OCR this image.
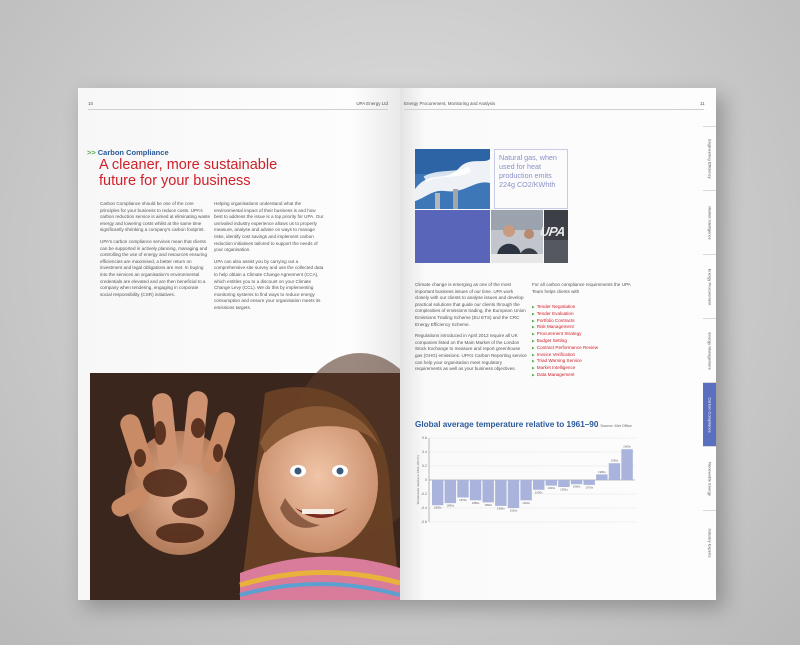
10	UPA Energy Ltd
>> Carbon Compliance
A cleaner, more sustainable future for your business

Carbon Compliance should be one of the core principles for your business to reduce costs. UPA’s carbon reduction service is aimed at eliminating waste energy and lowering costs whilst at the same time significantly shrinking a company’s carbon footprint.

UPA’s carbon compliance services mean that clients can be supported in actively planning, managing and controlling the use of energy and resources ensuring efficiencies are maximised, a better return on investment and legal obligations are met. In buying into the services an organisation’s environmental credentials are elevated and are then beneficial to a company when tendering, engaging in corporate social responsibility (CSR) initiatives.

Helping organisations understand what the environmental impact of their business is and how best to address the issue is a top priority for UPA. Our unrivaled industry experience allows us to properly measure, analyse and advise on ways to manage risks, identify cost savings and implement carbon reduction initiatives tailored to support the needs of your organisation.

UPA can also assist you by carrying out a comprehensive site survey and use the collected data to help obtain a Climate Change Agreement (CCA), which entitles you to a discount on your Climate Change Levy (CCL). We do this by implementing monitoring systems to find ways to reduce energy consumption and ensure your organisation meets its emissions targets.

Energy Procurement, Monitoring and Analysis	11
Natural gas, when used for heat production emits 224g CO2/KWhth
UPA

Climate change is emerging as one of the most important business issues of our time. UPA work closely with our clients to analyse issues and develop practical solutions that guide our clients through the complexities of emissions trading, the European Union Emissions Trading Scheme (EU ETS) and the CRC Energy Efficiency Scheme.

Regulations introduced in April 2013 require all UK companies listed on the Main Market of the London Stock Exchange to measure and report greenhouse gas (GHG) emissions. UPA’s Carbon Reporting service can help your organisation meet regulatory requirements as well as your business objectives.

For all carbon compliance requirements the UPA Team helps clients with
▶ Tender Negotiation
▶ Tender Evaluation
▶ Portfolio Contracts
▶ Risk Management
▶ Procurement Strategy
▶ Budget Setting
▶ Contract Performance Review
▶ Invoice Verification
▶ Triad Warning Service
▶ Market Intelligence
▶ Data Management
Engineering Efficiency
Market Intelligence
Energy Procurement
Energy Management
Carbon Compliance
Renewable Energy
Industry Experts
Global average temperature relative to 1961–90 Source: Met Office
Temperature relative to 1961–90 (°C)
0.6
0.4
0.2
0
-0.2
-0.4
-0.6
1850s
1860s
1870s
1880s
1890s
1900s
1910s
1920s
1930s
1940s 1950s
1960s 1970s
1980s
1990s
2000s
